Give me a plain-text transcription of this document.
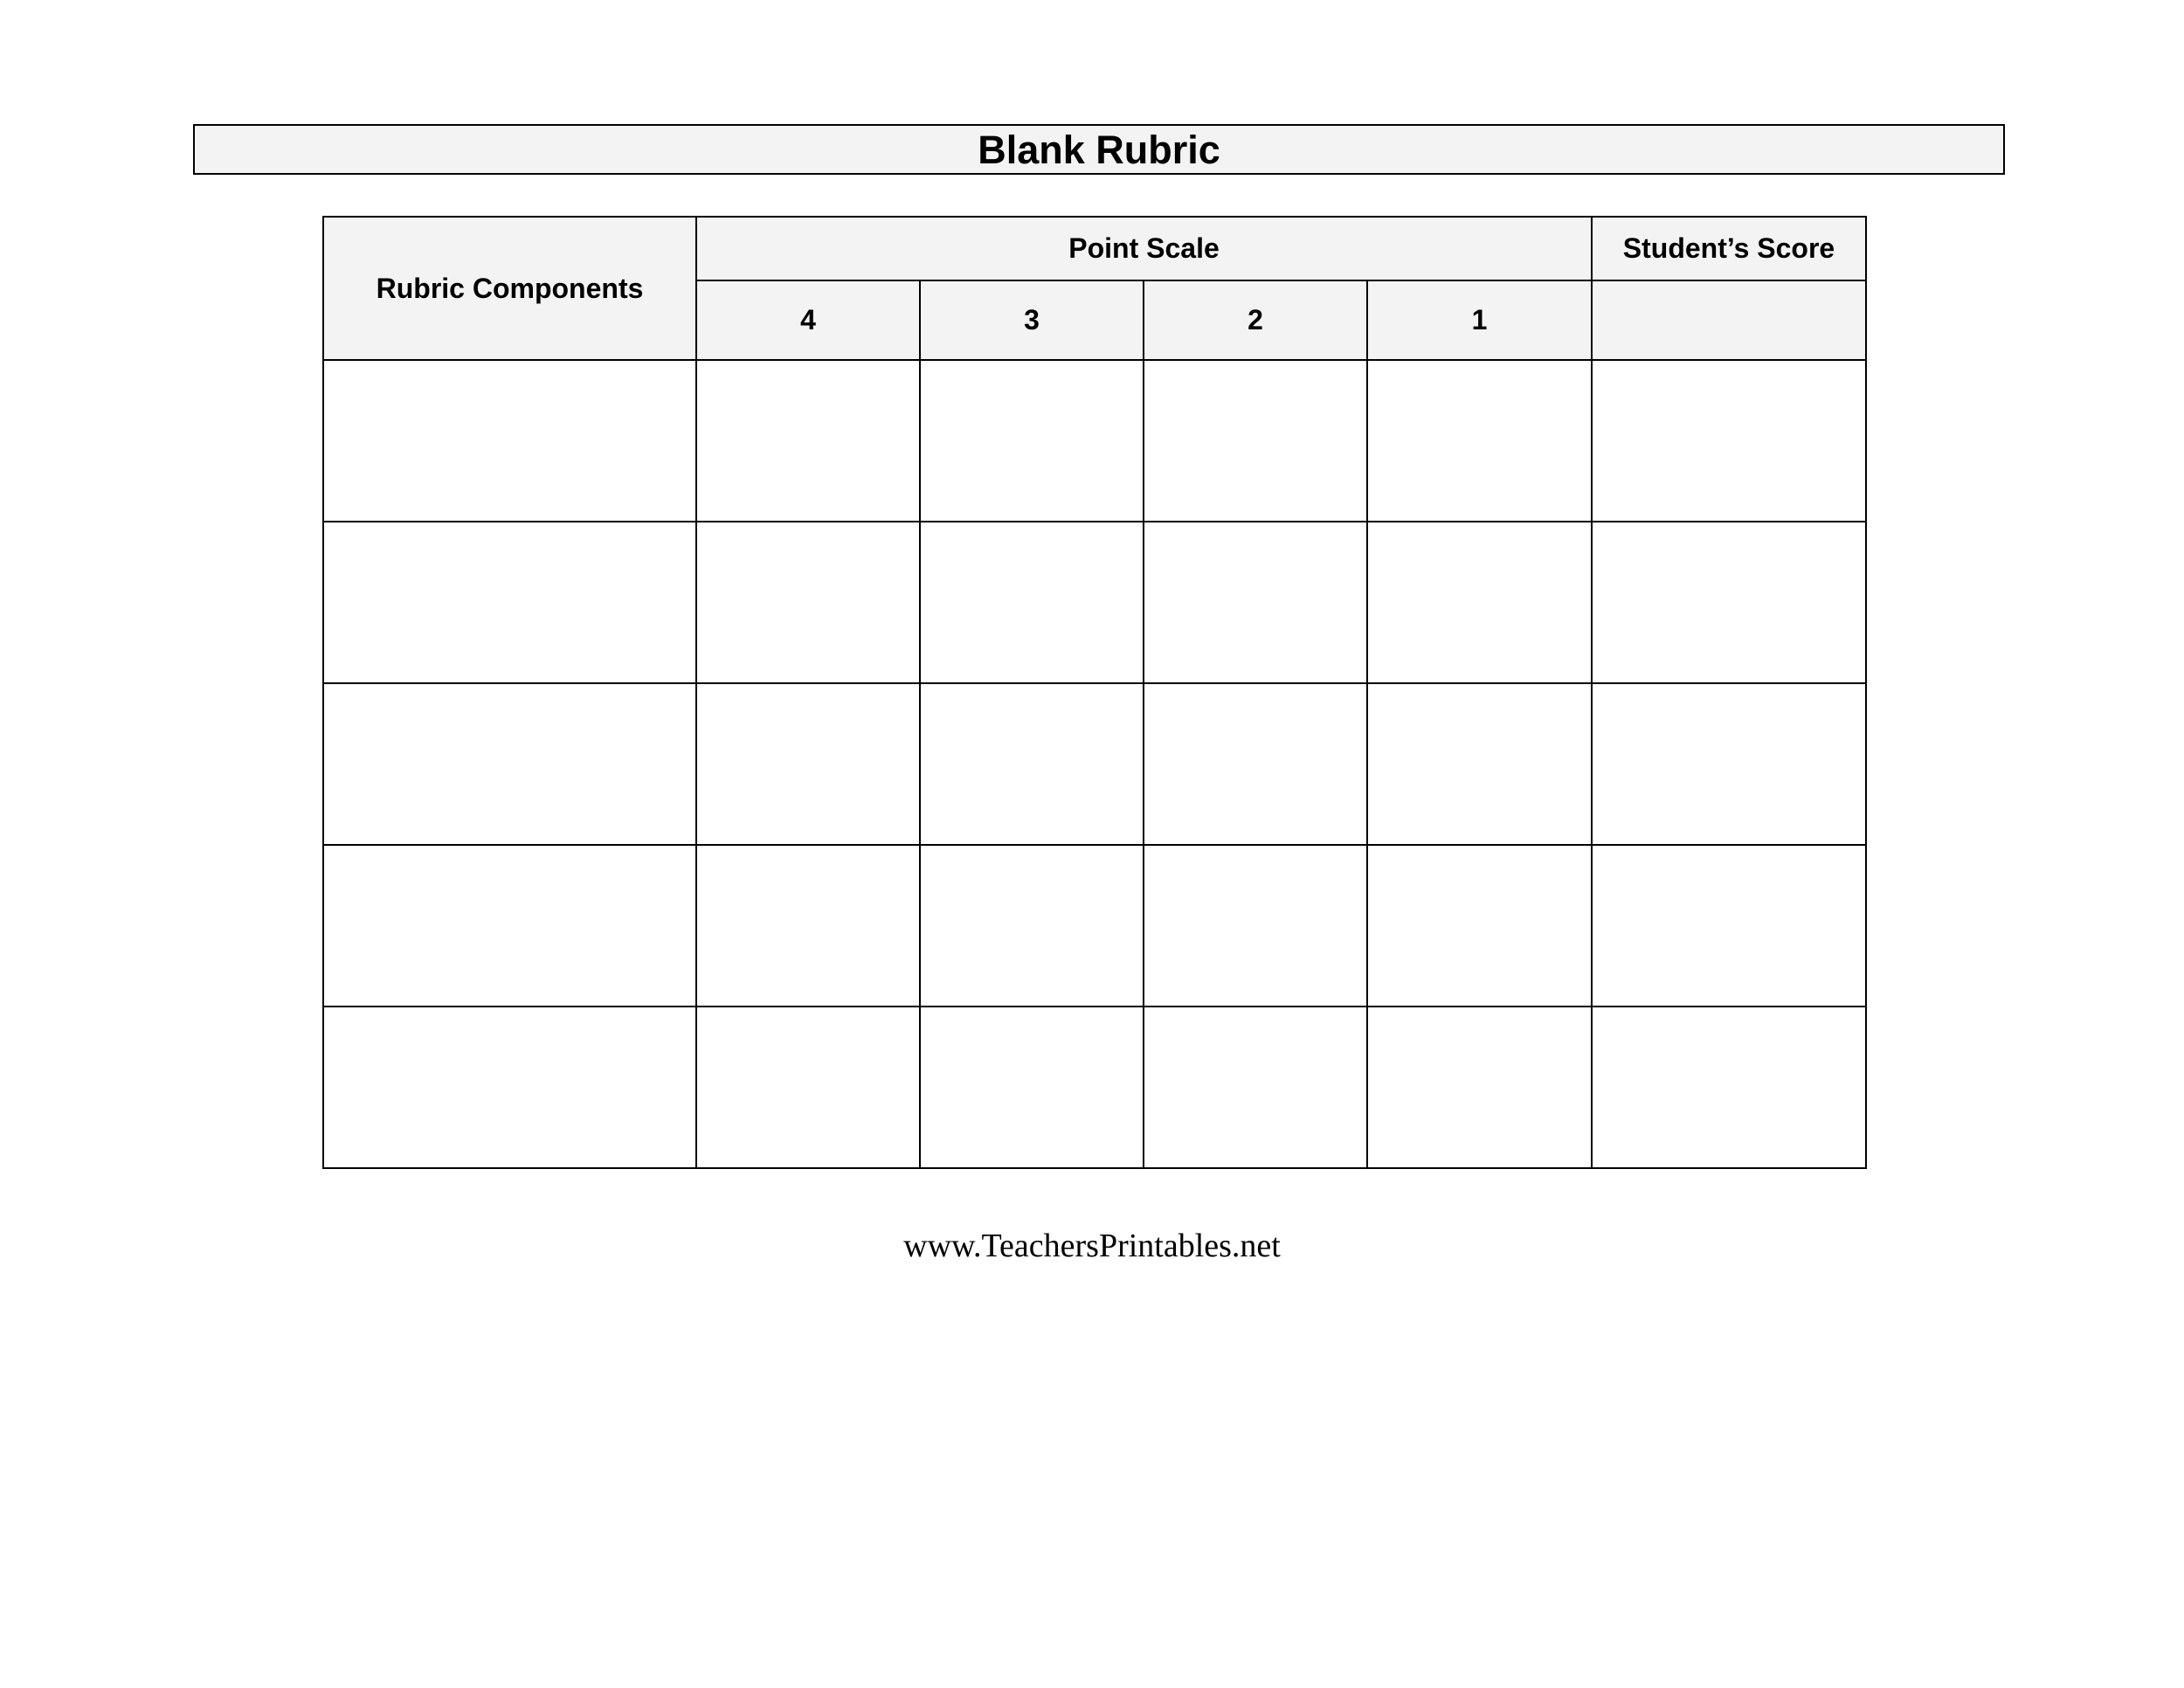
Blank Rubric
Rubric Components	Point Scale				Student’s Score
	4	3	2	1	

www.TeachersPrintables.net
